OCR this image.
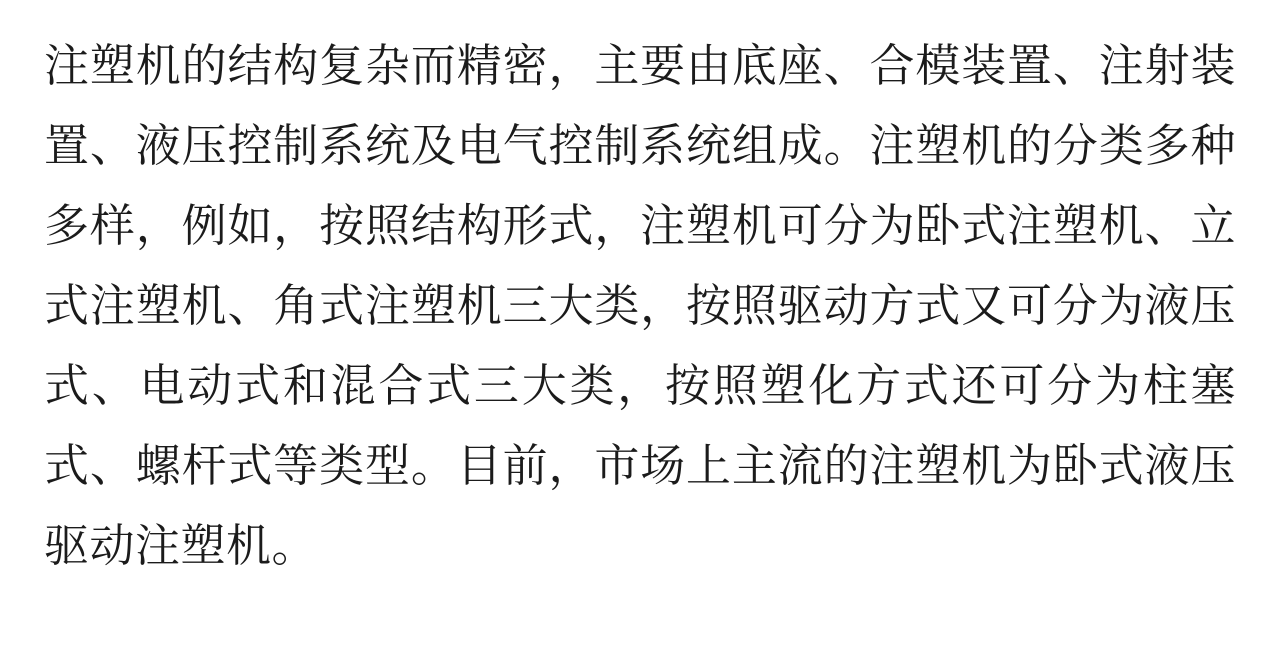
注塑机的结构复杂而精密，主要由底座、合模装置、注射装置、液压控制系统及电气控制系统组成。注塑机的分类多种多样，例如，按照结构形式，注塑机可分为卧式注塑机、立式注塑机、角式注塑机三大类，按照驱动方式又可分为液压式、电动式和混合式三大类，按照塑化方式还可分为柱塞式、螺杆式等类型。目前，市场上主流的注塑机为卧式液压驱动注塑机。
